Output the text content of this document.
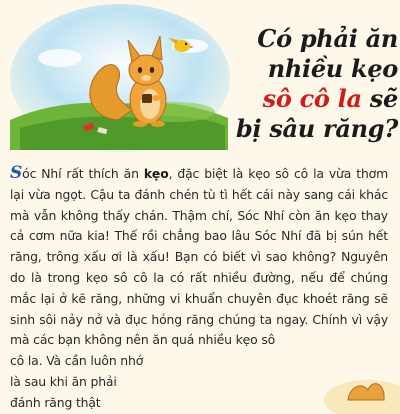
Có phải ăn
nhiều kẹo
sô cô la sẽ
bị sâu răng?

Sóc Nhí rất thích ăn kẹo, đặc biệt là kẹo sô cô la vừa thơm lại vừa ngọt. Cậu ta đánh chén tù tì hết cái này sang cái khác mà vẫn không thấy chán. Thậm chí, Sóc Nhí còn ăn kẹo thay cả cơm nữa kia! Thế rồi chẳng bao lâu Sóc Nhí đã bị sún hết răng, trông xấu ơi là xấu! Bạn có biết vì sao không? Nguyên do là trong kẹo sô cô la có rất nhiều đường, nếu để chúng mắc lại ở kẽ răng, những vi khuẩn chuyên đục khoét răng sẽ sinh sôi nảy nở và đục hỏng răng chúng ta ngay. Chính vì vậy mà các bạn không nên ăn quá nhiều kẹo sô

cô la. Và cần luôn nhớ

là sau khi ăn phải

đánh răng thật
